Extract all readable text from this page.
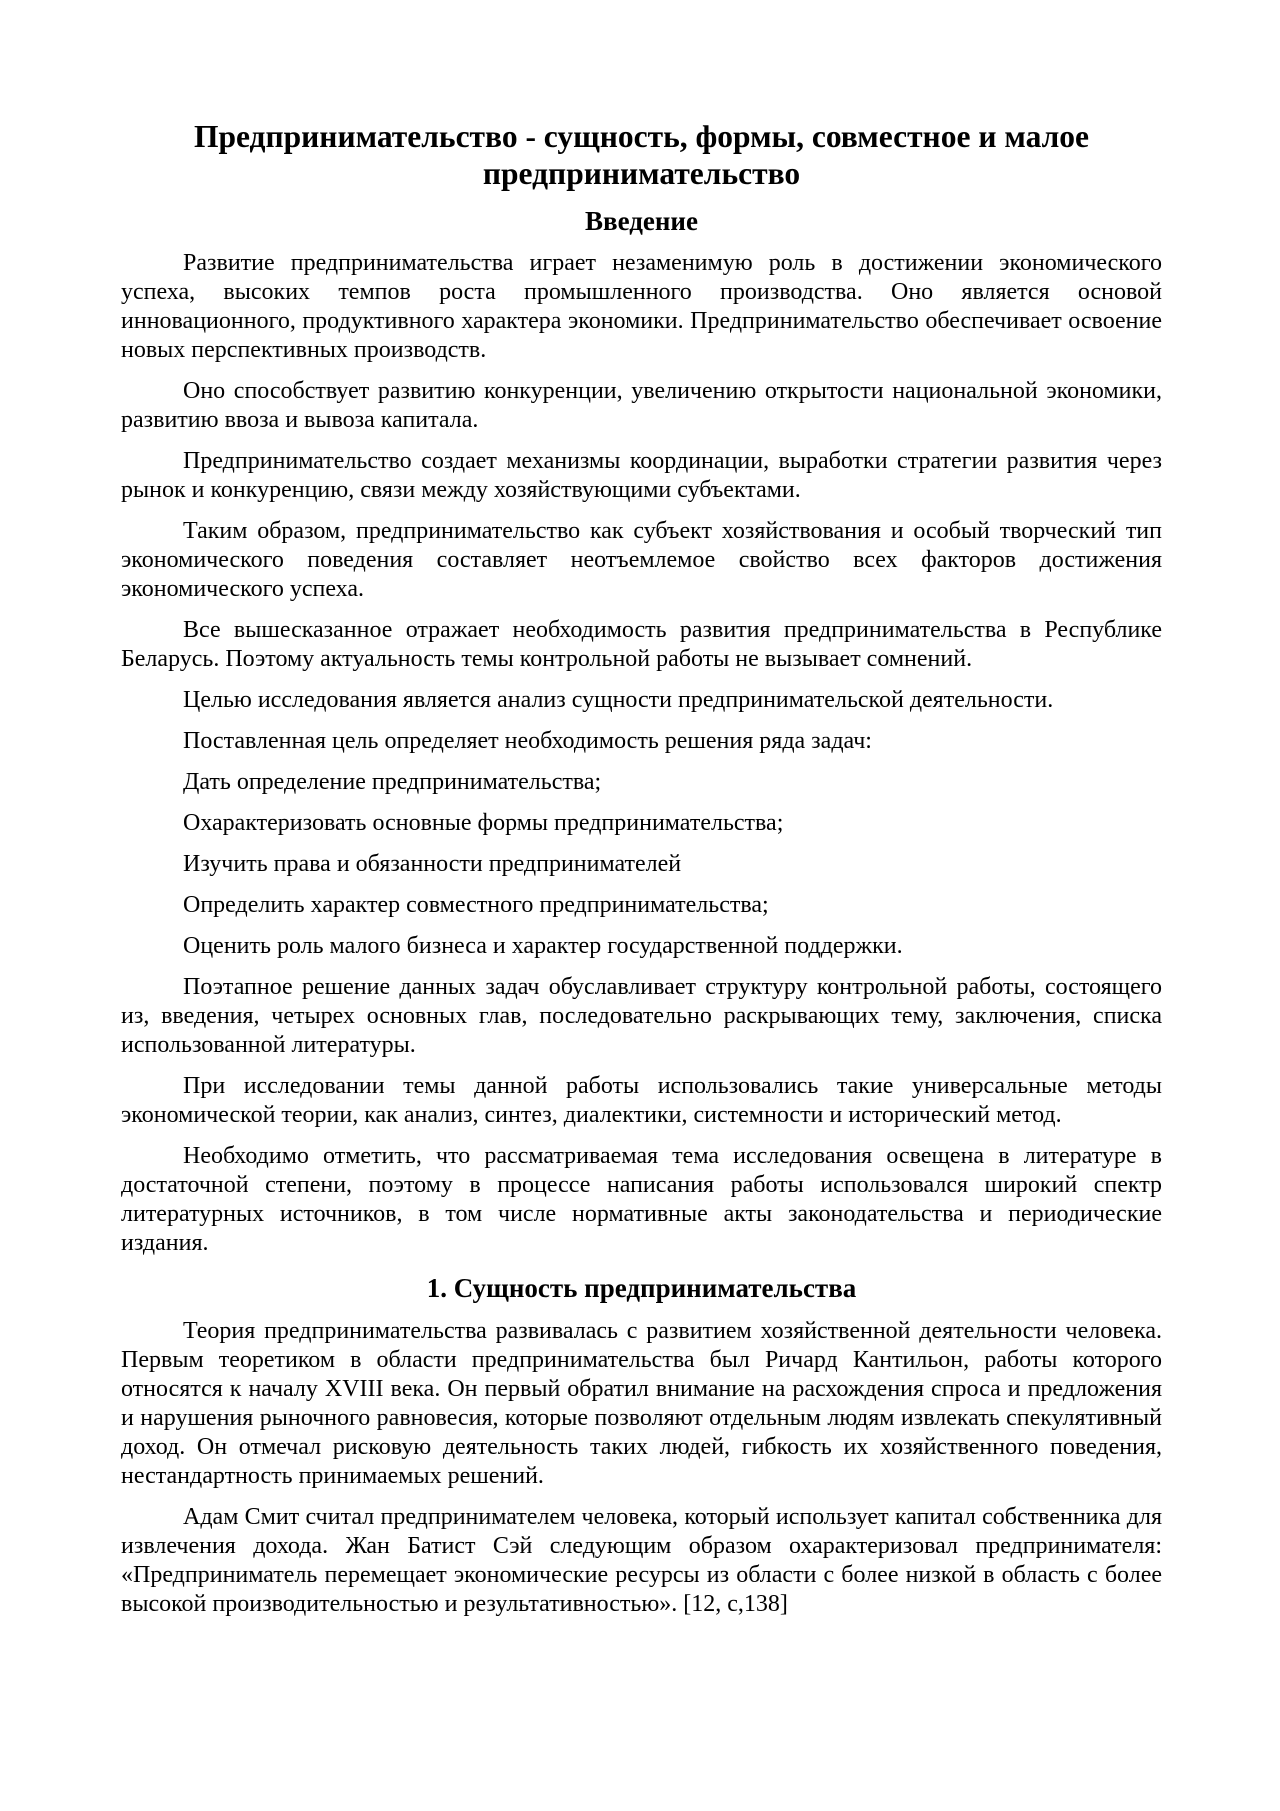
Предпринимательство - сущность, формы, совместное и малое предпринимательство
Введение

Развитие предпринимательства играет незаменимую роль в достижении экономического успеха, высоких темпов роста промышленного производства. Оно является основой инновационного, продуктивного характера экономики. Предпринимательство обеспечивает освоение новых перспективных производств.

Оно способствует развитию конкуренции, увеличению открытости национальной экономики, развитию ввоза и вывоза капитала.

Предпринимательство создает механизмы координации, выработки стратегии развития через рынок и конкуренцию, связи между хозяйствующими субъектами.

Таким образом, предпринимательство как субъект хозяйствования и особый творческий тип экономического поведения составляет неотъемлемое свойство всех факторов достижения экономического успеха.

Все вышесказанное отражает необходимость развития предпринимательства в Республике Беларусь. Поэтому актуальность темы контрольной работы не вызывает сомнений.

Целью исследования является анализ сущности предпринимательской деятельности.

Поставленная цель определяет необходимость решения ряда задач:

Дать определение предпринимательства;

Охарактеризовать основные формы предпринимательства;

Изучить права и обязанности предпринимателей

Определить характер совместного предпринимательства;

Оценить роль малого бизнеса и характер государственной поддержки.

Поэтапное решение данных задач обуславливает структуру контрольной работы, состоящего из, введения, четырех основных глав, последовательно раскрывающих тему, заключения, списка использованной литературы.

При исследовании темы данной работы использовались такие универсальные методы экономической теории, как анализ, синтез, диалектики, системности и исторический метод.

Необходимо отметить, что рассматриваемая тема исследования освещена в литературе в достаточной степени, поэтому в процессе написания работы использовался широкий спектр литературных источников, в том числе нормативные акты законодательства и периодические издания.

1. Сущность предпринимательства

Теория предпринимательства развивалась с развитием хозяйственной деятельности человека. Первым теоретиком в области предпринимательства был Ричард Кантильон, работы которого относятся к началу XVIII века. Он первый обратил внимание на расхождения спроса и предложения и нарушения рыночного равновесия, которые позволяют отдельным людям извлекать спекулятивный доход. Он отмечал рисковую деятельность таких людей, гибкость их хозяйственного поведения, нестандартность принимаемых решений.

Адам Смит считал предпринимателем человека, который использует капитал собственника для извлечения дохода. Жан Батист Сэй следующим образом охарактеризовал предпринимателя: «Предприниматель перемещает экономические ресурсы из области с более низкой в область с более высокой производительностью и результативностью». [12, с,138]
